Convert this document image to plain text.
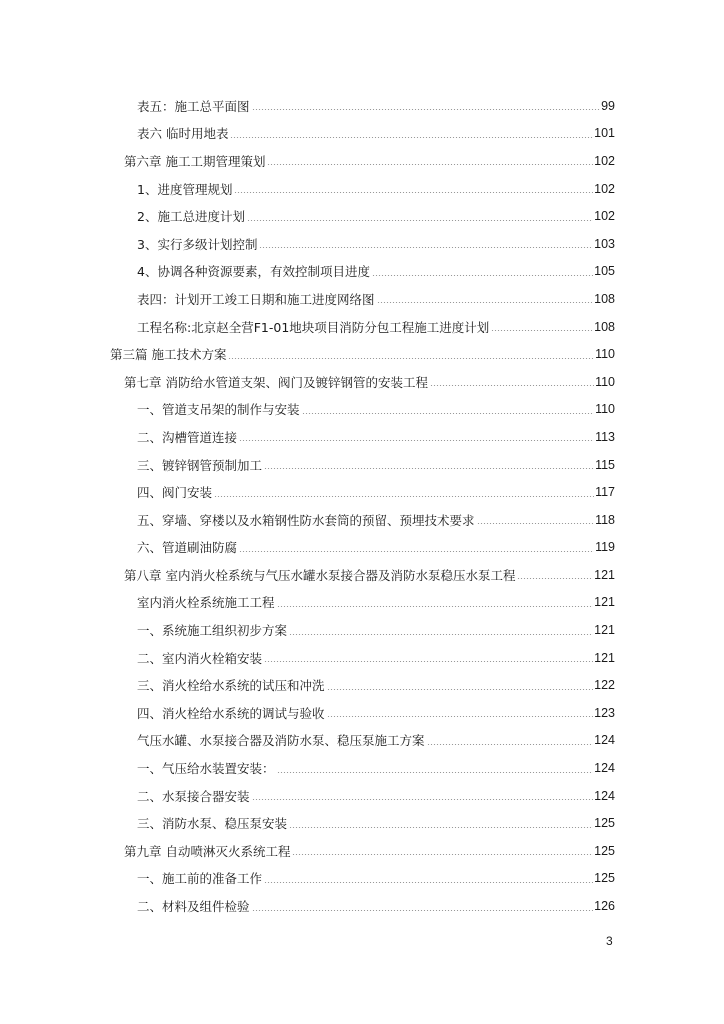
表五：施工总平面图	99
表六 临时用地表	101
第六章 施工工期管理策划	102
1、进度管理规划	102
2、施工总进度计划	102
3、实行多级计划控制	103
4、协调各种资源要素，有效控制项目进度	105
表四：计划开工竣工日期和施工进度网络图	108
工程名称:北京赵全营F1-01地块项目消防分包工程施工进度计划	108
第三篇 施工技术方案	110
第七章 消防给水管道支架、阀门及镀锌钢管的安装工程	110
一、管道支吊架的制作与安装	110
二、沟槽管道连接	113
三、镀锌钢管预制加工	115
四、阀门安装	117
五、穿墙、穿楼以及水箱钢性防水套筒的预留、预埋技术要求	118
六、管道刷油防腐	119
第八章 室内消火栓系统与气压水罐水泵接合器及消防水泵稳压水泵工程	121
室内消火栓系统施工工程	121
一、系统施工组织初步方案	121
二、室内消火栓箱安装	121
三、消火栓给水系统的试压和冲洗	122
四、消火栓给水系统的调试与验收	123
气压水罐、水泵接合器及消防水泵、稳压泵施工方案	124
一、气压给水装置安装：	124
二、水泵接合器安装	124
三、消防水泵、稳压泵安装	125
第九章 自动喷淋灭火系统工程	125
一、施工前的准备工作	125
二、材料及组件检验	126
3
